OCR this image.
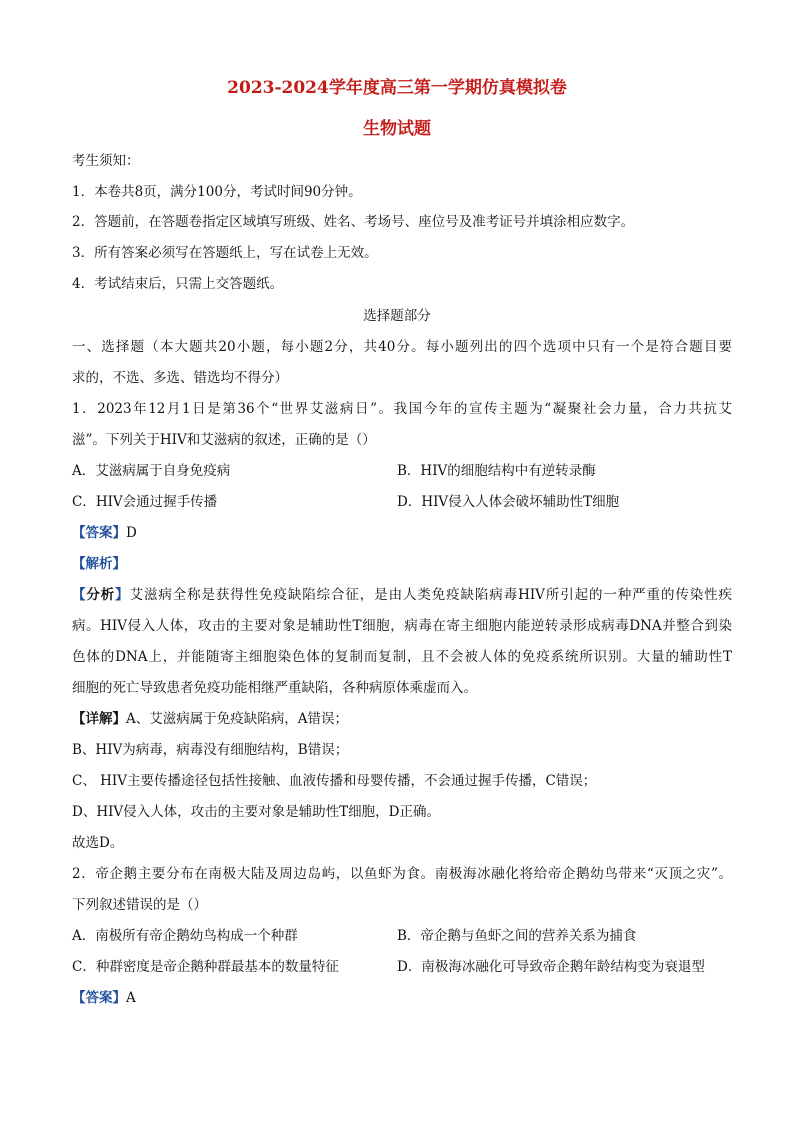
2023-2024学年度高三第一学期仿真模拟卷
生物试题
考生须知：
1．本卷共8页，满分100分，考试时间90分钟。
2．答题前，在答题卷指定区域填写班级、姓名、考场号、座位号及准考证号并填涂相应数字。
3．所有答案必须写在答题纸上，写在试卷上无效。
4．考试结束后，只需上交答题纸。
选择题部分
一、选择题（本大题共20小题，每小题2分，共40分。每小题列出的四个选项中只有一个是符合题目要
求的，不选、多选、错选均不得分）
1．2023年12月1日是第36个“世界艾滋病日”。我国今年的宣传主题为“凝聚社会力量，合力共抗艾
滋”。下列关于HIV和艾滋病的叙述，正确的是（）
A．艾滋病属于自身免疫病	B．HIV的细胞结构中有逆转录酶
C．HIV会通过握手传播	D．HIV侵入人体会破坏辅助性T细胞
【答案】D
【解析】
【分析】艾滋病全称是获得性免疫缺陷综合征，是由人类免疫缺陷病毒HIV所引起的一种严重的传染性疾
病。HIV侵入人体，攻击的主要对象是辅助性T细胞，病毒在寄主细胞内能逆转录形成病毒DNA并整合到染
色体的DNA上，并能随寄主细胞染色体的复制而复制，且不会被人体的免疫系统所识别。大量的辅助性T
细胞的死亡导致患者免疫功能相继严重缺陷，各种病原体乘虚而入。
【详解】A、艾滋病属于免疫缺陷病，A错误；
B、HIV为病毒，病毒没有细胞结构，B错误；
C、 HIV主要传播途径包括性接触、血液传播和母婴传播，不会通过握手传播，C错误；
D、HIV侵入人体，攻击的主要对象是辅助性T细胞，D正确。
故选D。
2．帝企鹅主要分布在南极大陆及周边岛屿，以鱼虾为食。南极海冰融化将给帝企鹅幼鸟带来“灭顶之灾”。
下列叙述错误的是（）
A．南极所有帝企鹅幼鸟构成一个种群	B．帝企鹅与鱼虾之间的营养关系为捕食
C．种群密度是帝企鹅种群最基本的数量特征	D．南极海冰融化可导致帝企鹅年龄结构变为衰退型
【答案】A
